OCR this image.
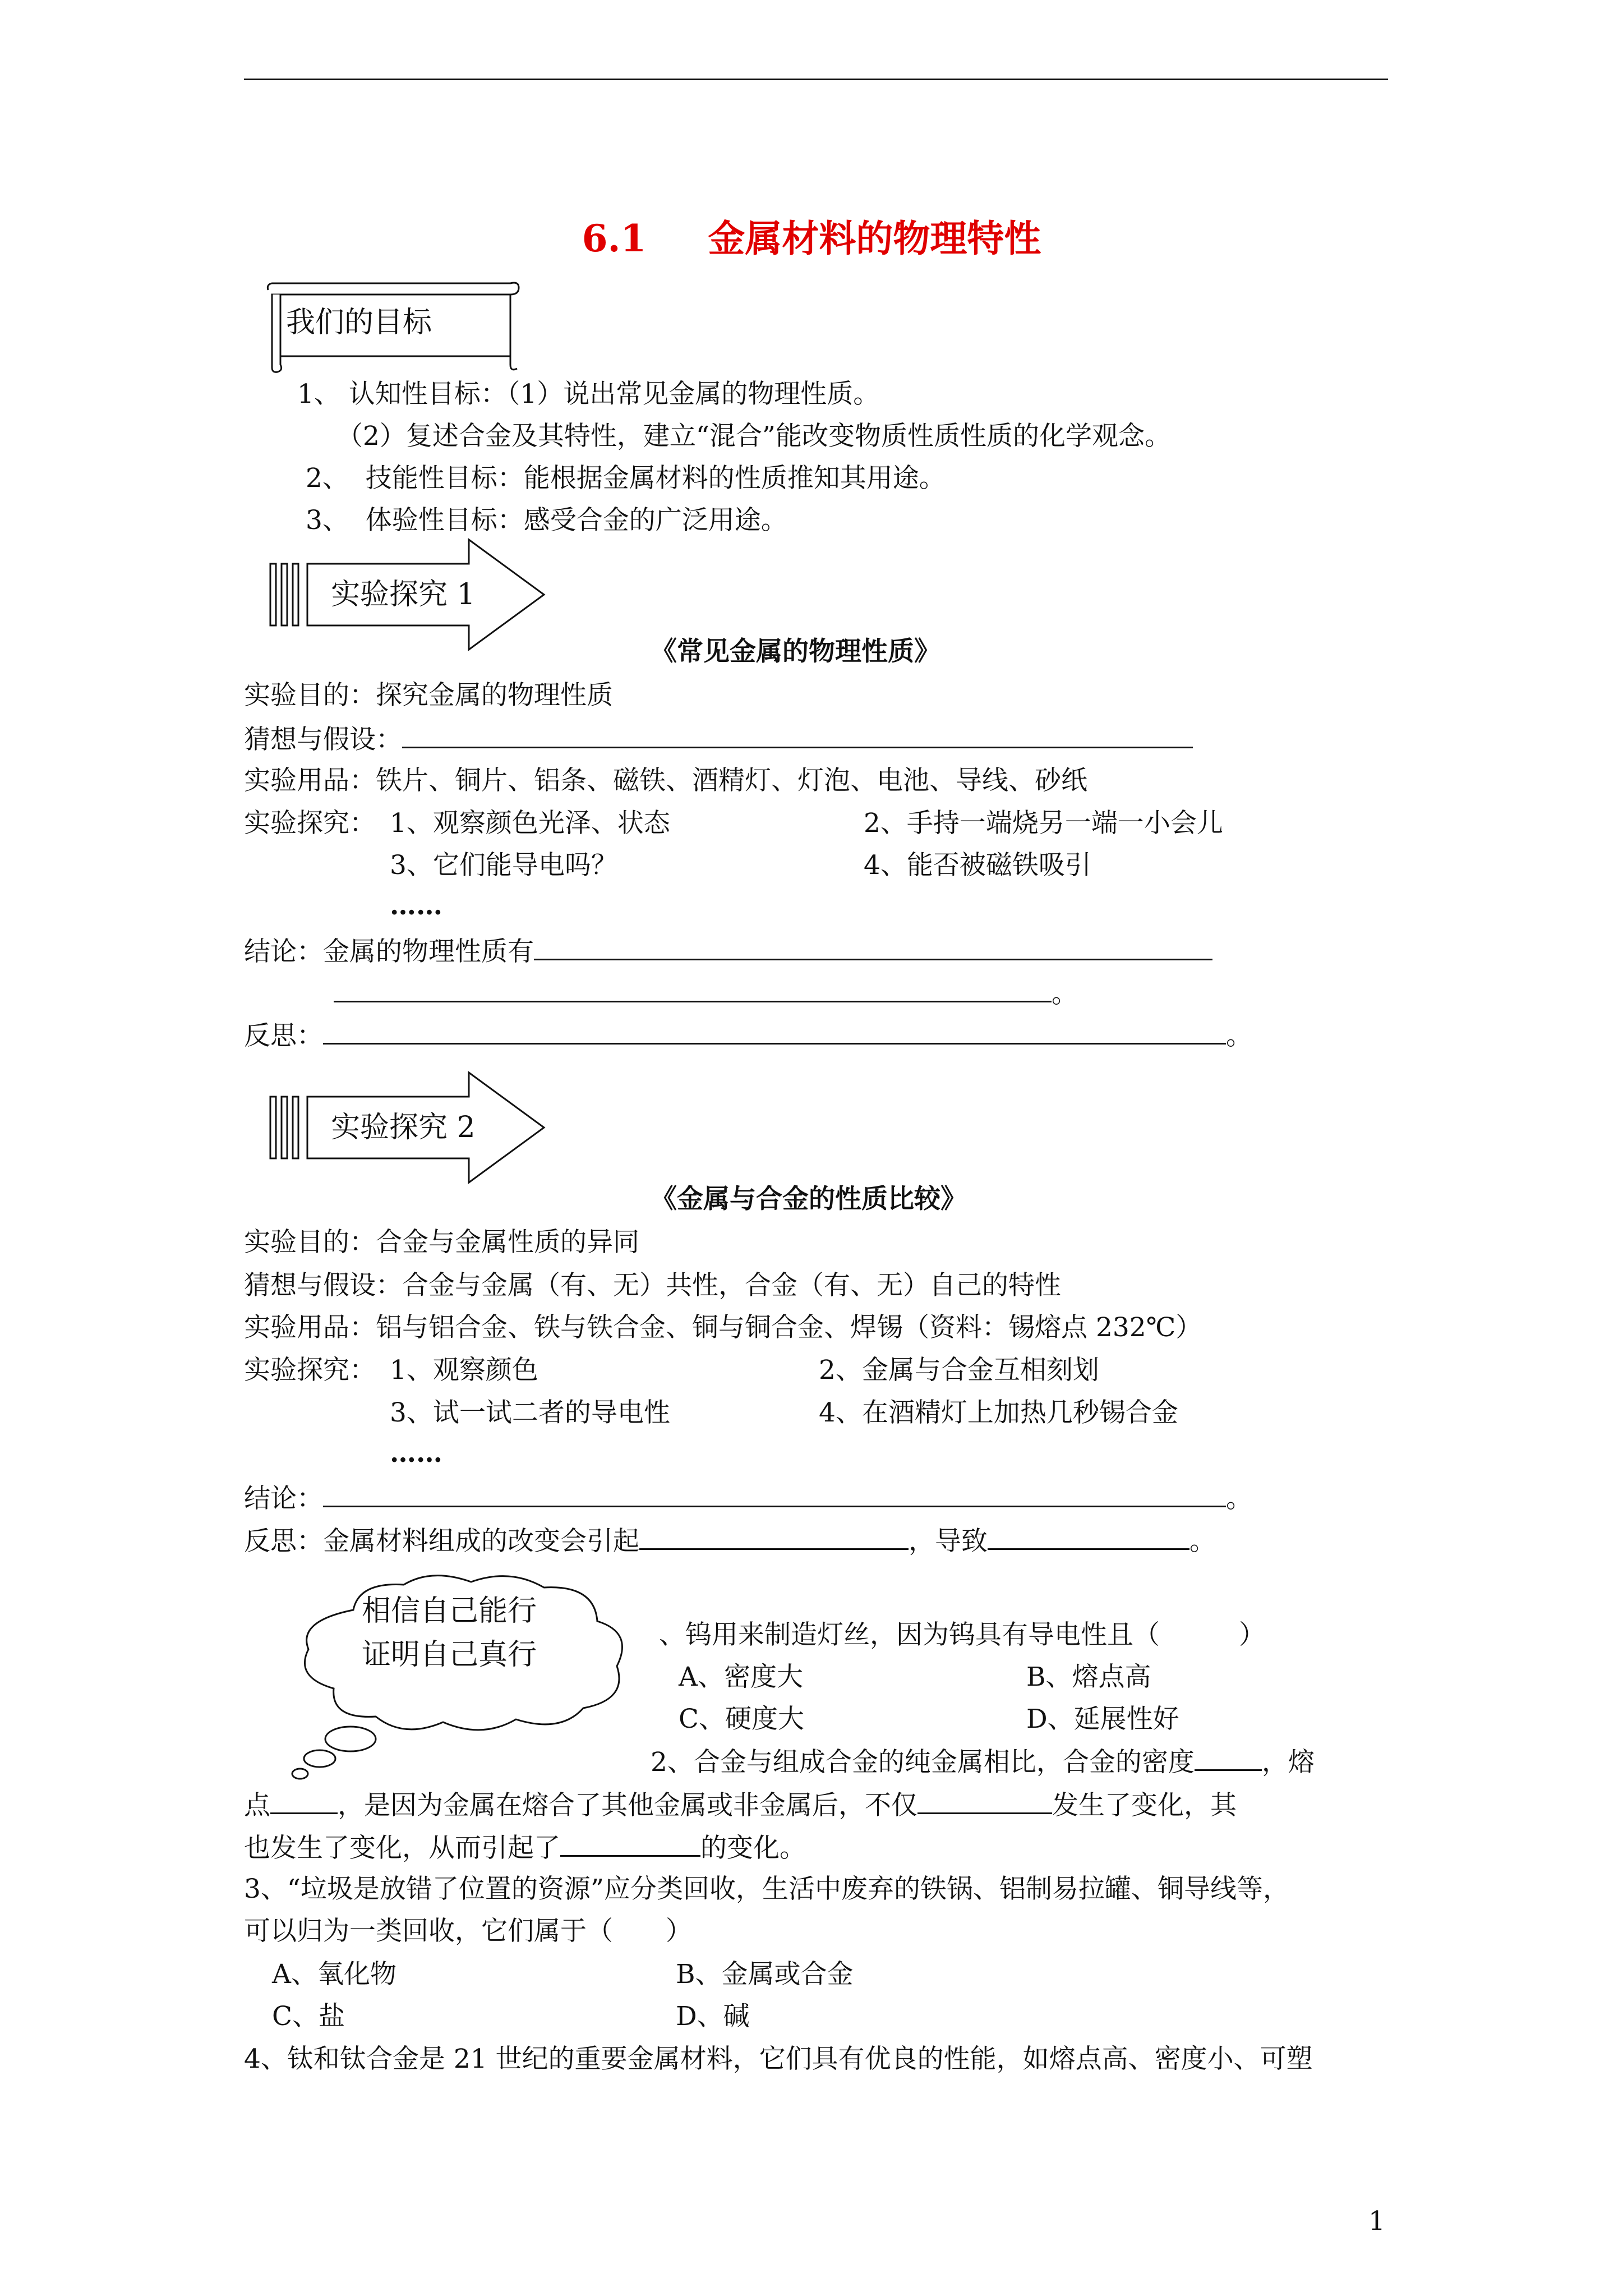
6.1 金属材料的物理特性
我们的目标
1、 认知性目标：（1）说出常见金属的物理性质。
（2）复述合金及其特性，建立“混合”能改变物质性质性质的化学观念。
2、  技能性目标：能根据金属材料的性质推知其用途。
3、  体验性目标：感受合金的广泛用途。
实验探究 1
《常见金属的物理性质》
实验目的：探究金属的物理性质
猜想与假设：
实验用品：铁片、铜片、铝条、磁铁、酒精灯、灯泡、电池、导线、砂纸
实验探究： 1、观察颜色光泽、状态	2、手持一端烧另一端一小会儿
3、它们能导电吗？	4、能否被磁铁吸引
……
结论：金属的物理性质有
。
反思：	。
实验探究 2
《金属与合金的性质比较》
实验目的：合金与金属性质的异同
猜想与假设：合金与金属（有、无）共性，合金（有、无）自己的特性
实验用品：铝与铝合金、铁与铁合金、铜与铜合金、焊锡（资料：锡熔点 232℃）
实验探究： 1、观察颜色	2、金属与合金互相刻划
3、试一试二者的导电性	4、在酒精灯上加热几秒锡合金
……
结论：	。
反思：金属材料组成的改变会引起	，导致	。
相信自己能行
证明自己真行
、钨用来制造灯丝，因为钨具有导电性且（　　　）
A、密度大	B、熔点高
C、硬度大	D、延展性好
2、合金与组成合金的纯金属相比，合金的密度	，熔
点	，是因为金属在熔合了其他金属或非金属后，不仅	发生了变化，其
也发生了变化，从而引起了	的变化。
3、“垃圾是放错了位置的资源”应分类回收，生活中废弃的铁锅、铝制易拉罐、铜导线等，
可以归为一类回收，它们属于（　　）
A、氧化物	B、金属或合金
C、盐	D、碱
4、钛和钛合金是 21 世纪的重要金属材料，它们具有优良的性能，如熔点高、密度小、可塑
1
